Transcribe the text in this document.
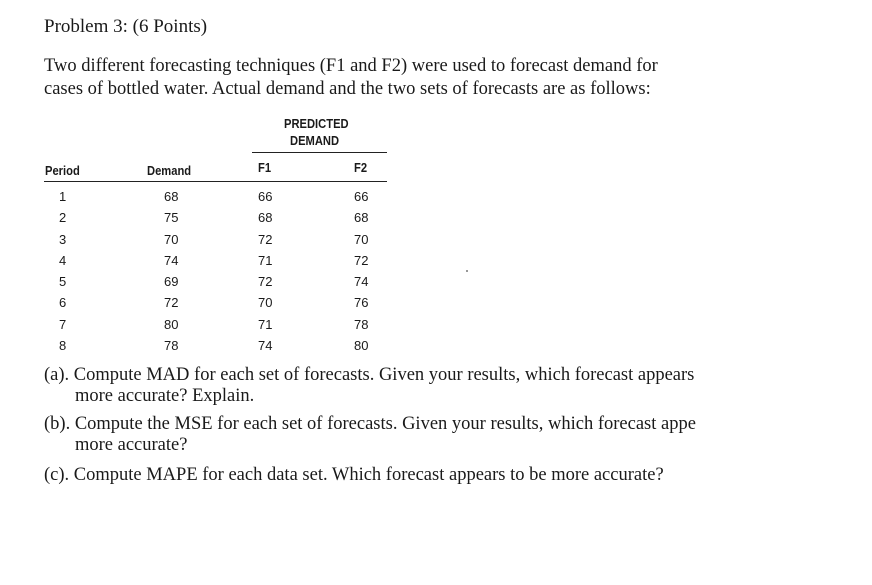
Problem 3: (6 Points)
Two different forecasting techniques (F1 and F2) were used to forecast demand for
cases of bottled water. Actual demand and the two sets of forecasts are as follows:
PREDICTED
DEMAND
Period	Demand	F1	F2
1	68	66	66
2	75	68	68
3	70	72	70
4	74	71	72
5	69	72	74
6	72	70	76
7	80	71	78
8	78	74	80
(a). Compute MAD for each set of forecasts. Given your results, which forecast appears
more accurate? Explain.
(b). Compute the MSE for each set of forecasts. Given your results, which forecast appe
more accurate?
(c). Compute MAPE for each data set. Which forecast appears to be more accurate?
